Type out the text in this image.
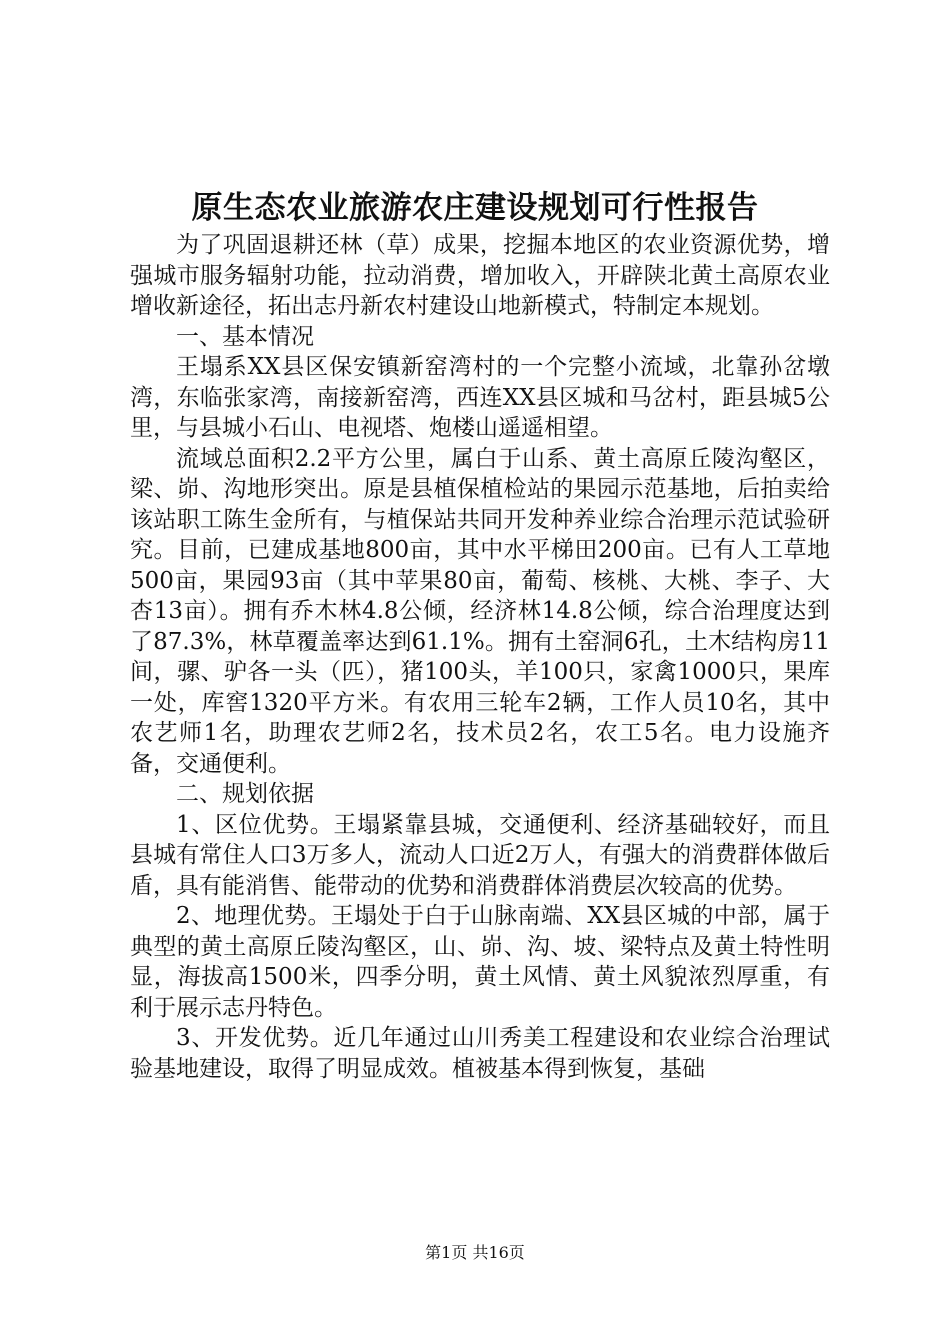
原生态农业旅游农庄建设规划可行性报告

为了巩固退耕还林（草）成果，挖掘本地区的农业资源优势，增强城市服务辐射功能，拉动消费，增加收入，开辟陕北黄土高原农业增收新途径，拓出志丹新农村建设山地新模式，特制定本规划。

一、基本情况

王塌系XX县区保安镇新窑湾村的一个完整小流域，北靠孙岔墩湾，东临张家湾，南接新窑湾，西连XX县区城和马岔村，距县城5公里，与县城小石山、电视塔、炮楼山遥遥相望。

流域总面积2.2平方公里，属白于山系、黄土高原丘陵沟壑区，梁、峁、沟地形突出。原是县植保植检站的果园示范基地，后拍卖给该站职工陈生金所有，与植保站共同开发种养业综合治理示范试验研究。目前，已建成基地800亩，其中水平梯田200亩。已有人工草地500亩，果园93亩（其中苹果80亩，葡萄、核桃、大桃、李子、大杏13亩）。拥有乔木林4.8公倾，经济林14.8公倾，综合治理度达到了87.3%，林草覆盖率达到61.1%。拥有土窑洞6孔，土木结构房11间，骡、驴各一头（匹），猪100头，羊100只，家禽1000只，果库一处，库窖1320平方米。有农用三轮车2辆，工作人员10名，其中农艺师1名，助理农艺师2名，技术员2名，农工5名。电力设施齐备，交通便利。

二、规划依据

1、区位优势。王塌紧靠县城，交通便利、经济基础较好，而且县城有常住人口3万多人，流动人口近2万人，有强大的消费群体做后盾，具有能消售、能带动的优势和消费群体消费层次较高的优势。

2、地理优势。王塌处于白于山脉南端、XX县区城的中部，属于典型的黄土高原丘陵沟壑区，山、峁、沟、坡、梁特点及黄土特性明显，海拔高1500米，四季分明，黄土风情、黄土风貌浓烈厚重，有利于展示志丹特色。

3、开发优势。近几年通过山川秀美工程建设和农业综合治理试验基地建设，取得了明显成效。植被基本得到恢复，基础

第1页 共16页
